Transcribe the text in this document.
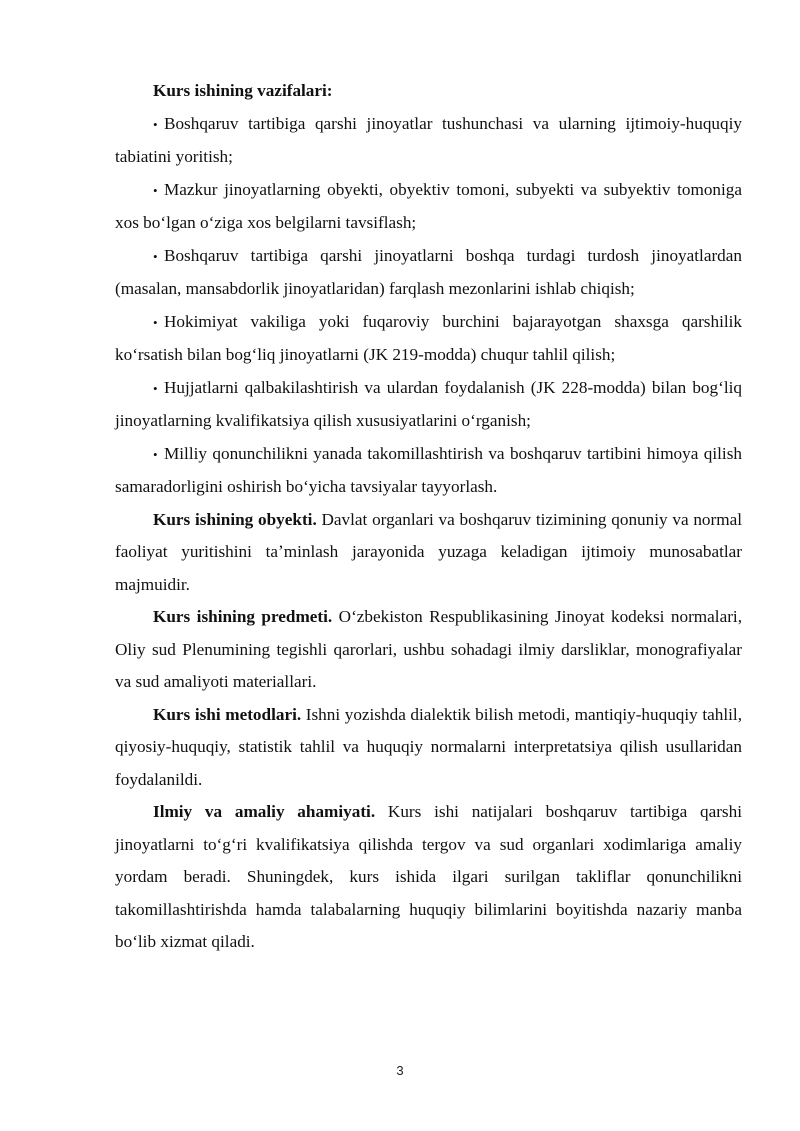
Kurs ishining vazifalari:

• Boshqaruv tartibiga qarshi jinoyatlar tushunchasi va ularning ijtimoiy-huquqiy tabiatini yoritish;

• Mazkur jinoyatlarning obyekti, obyektiv tomoni, subyekti va subyektiv tomoniga xos boʻlgan oʻziga xos belgilarni tavsiflash;

• Boshqaruv tartibiga qarshi jinoyatlarni boshqa turdagi turdosh jinoyatlardan (masalan, mansabdorlik jinoyatlaridan) farqlash mezonlarini ishlab chiqish;

• Hokimiyat vakiliga yoki fuqaroviy burchini bajarayotgan shaxsga qarshilik koʻrsatish bilan bogʻliq jinoyatlarni (JK 219-modda) chuqur tahlil qilish;

• Hujjatlarni qalbakilashtirish va ulardan foydalanish (JK 228-modda) bilan bogʻliq jinoyatlarning kvalifikatsiya qilish xususiyatlarini oʻrganish;

• Milliy qonunchilikni yanada takomillashtirish va boshqaruv tartibini himoya qilish samaradorligini oshirish boʻyicha tavsiyalar tayyorlash.

Kurs ishining obyekti. Davlat organlari va boshqaruv tizimining qonuniy va normal faoliyat yuritishini taʼminlash jarayonida yuzaga keladigan ijtimoiy munosabatlar majmuidir.

Kurs ishining predmeti. Oʻzbekiston Respublikasining Jinoyat kodeksi normalari, Oliy sud Plenumining tegishli qarorlari, ushbu sohadagi ilmiy darsliklar, monografiyalar va sud amaliyoti materiallari.

Kurs ishi metodlari. Ishni yozishda dialektik bilish metodi, mantiqiy-huquqiy tahlil, qiyosiy-huquqiy, statistik tahlil va huquqiy normalarni interpretatsiya qilish usullaridan foydalanildi.

Ilmiy va amaliy ahamiyati. Kurs ishi natijalari boshqaruv tartibiga qarshi jinoyatlarni toʻgʻri kvalifikatsiya qilishda tergov va sud organlari xodimlariga amaliy yordam beradi. Shuningdek, kurs ishida ilgari surilgan takliflar qonunchilikni takomillashtirishda hamda talabalarning huquqiy bilimlarini boyitishda nazariy manba boʻlib xizmat qiladi.

3
